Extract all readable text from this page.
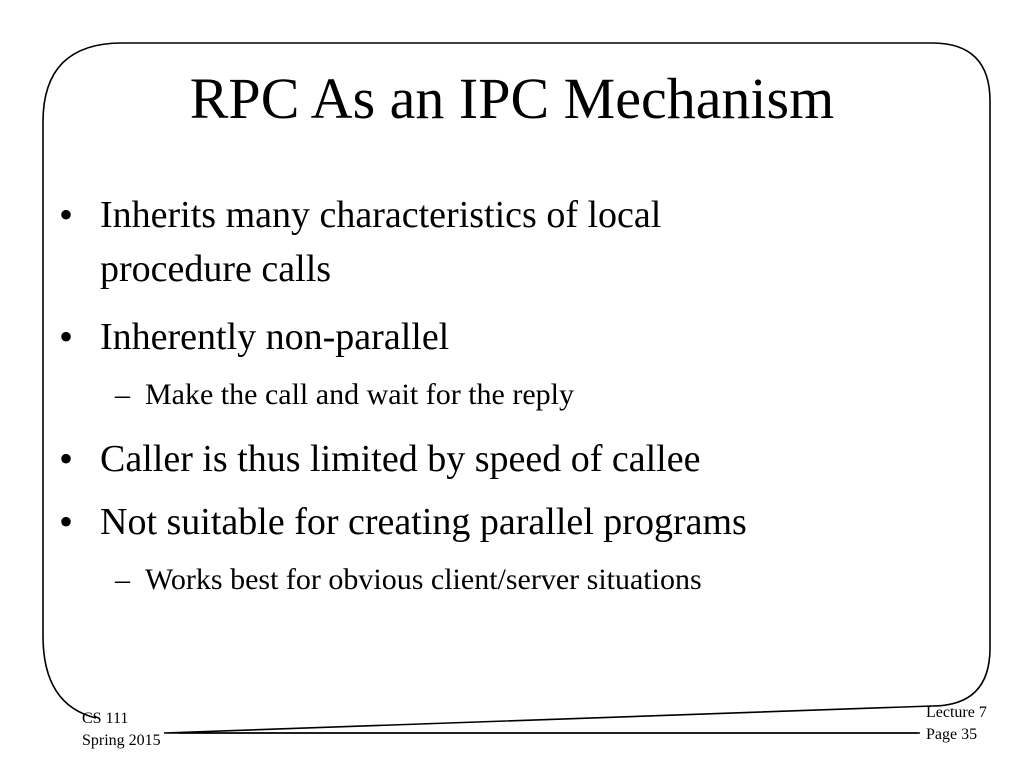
RPC As an IPC Mechanism
• Inherits many characteristics of local
procedure calls
• Inherently non-parallel
– Make the call and wait for the reply
• Caller is thus limited by speed of callee
• Not suitable for creating parallel programs
– Works best for obvious client/server situations
CS 111
Spring 2015
Lecture 7
Page 35
